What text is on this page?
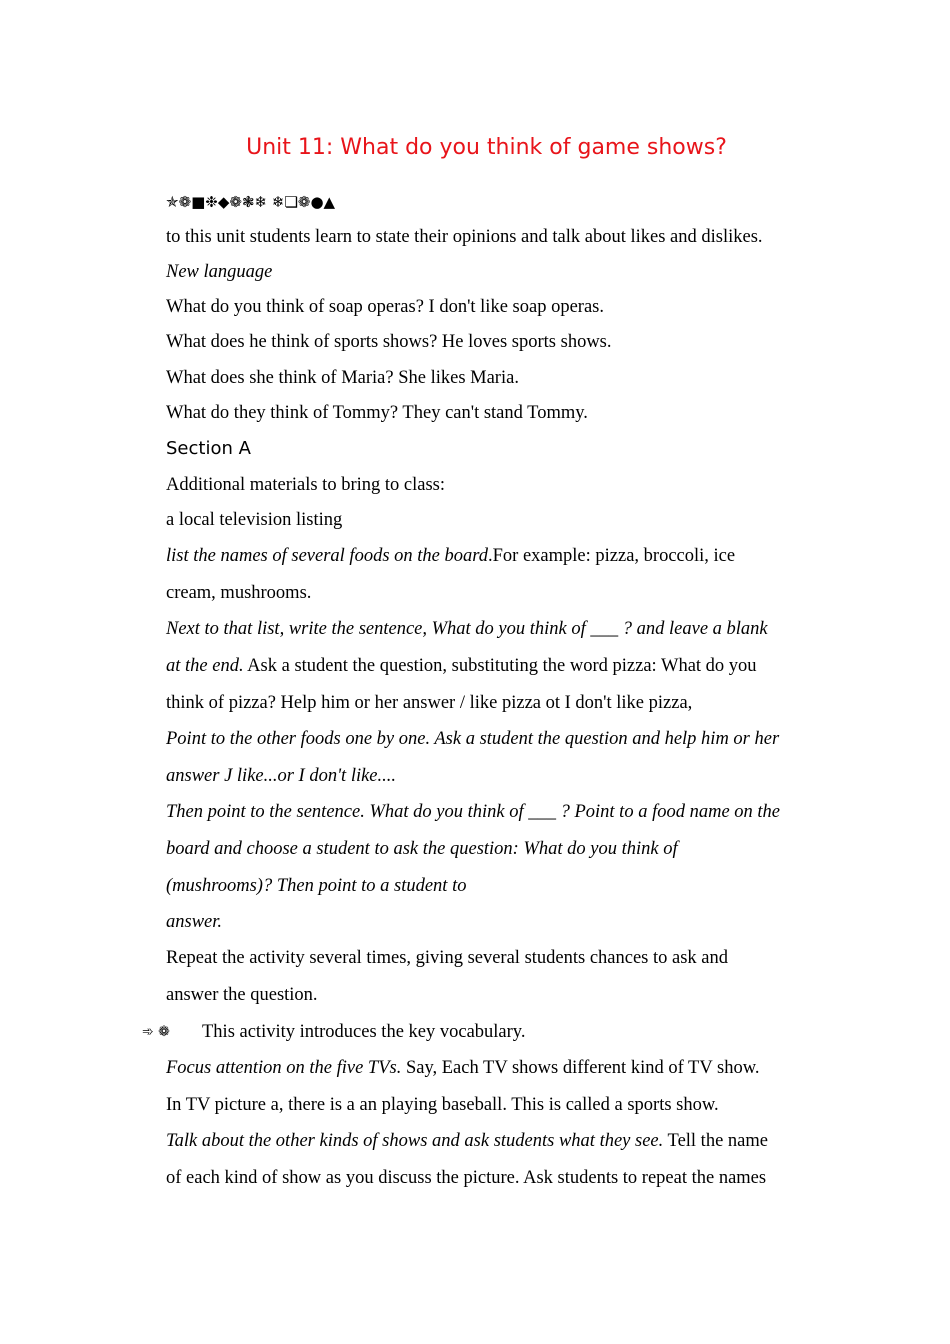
Unit 11: What do you think of game shows?
✯❁■❉◆❁❃❄ ❄❏❁●▲
to this unit students learn to state their opinions and talk about likes and dislikes.
New language
What do you think of soap operas? I don't like soap operas.
What does he think of sports shows? He loves sports shows.
What does she think of Maria? She likes Maria.
What do they think of Tommy? They can't stand Tommy.
Section A
Additional materials to bring to class:
a local television listing
list the names of several foods on the board.For example: pizza, broccoli, ice
cream, mushrooms.
Next to that list, write the sentence, What do you think of ___ ? and leave a blank
at the end. Ask a student the question, substituting the word pizza: What do you
think of pizza? Help him or her answer / like pizza ot I don't like pizza,
Point to the other foods one by one. Ask a student the question and help him or her
answer J like...or I don't like....
Then point to the sentence. What do you think of ___ ? Point to a food name on the
board and choose a student to ask the question: What do you think of
(mushrooms)? Then point to a student to
answer.
Repeat the activity several times, giving several students chances to ask and
answer the question.
➾ ❁ This activity introduces the key vocabulary.
Focus attention on the five TVs. Say, Each TV shows different kind of TV show.
In TV picture a, there is a an playing baseball. This is called a sports show.
Talk about the other kinds of shows and ask students what they see. Tell the name
of each kind of show as you discuss the picture. Ask students to repeat the names
